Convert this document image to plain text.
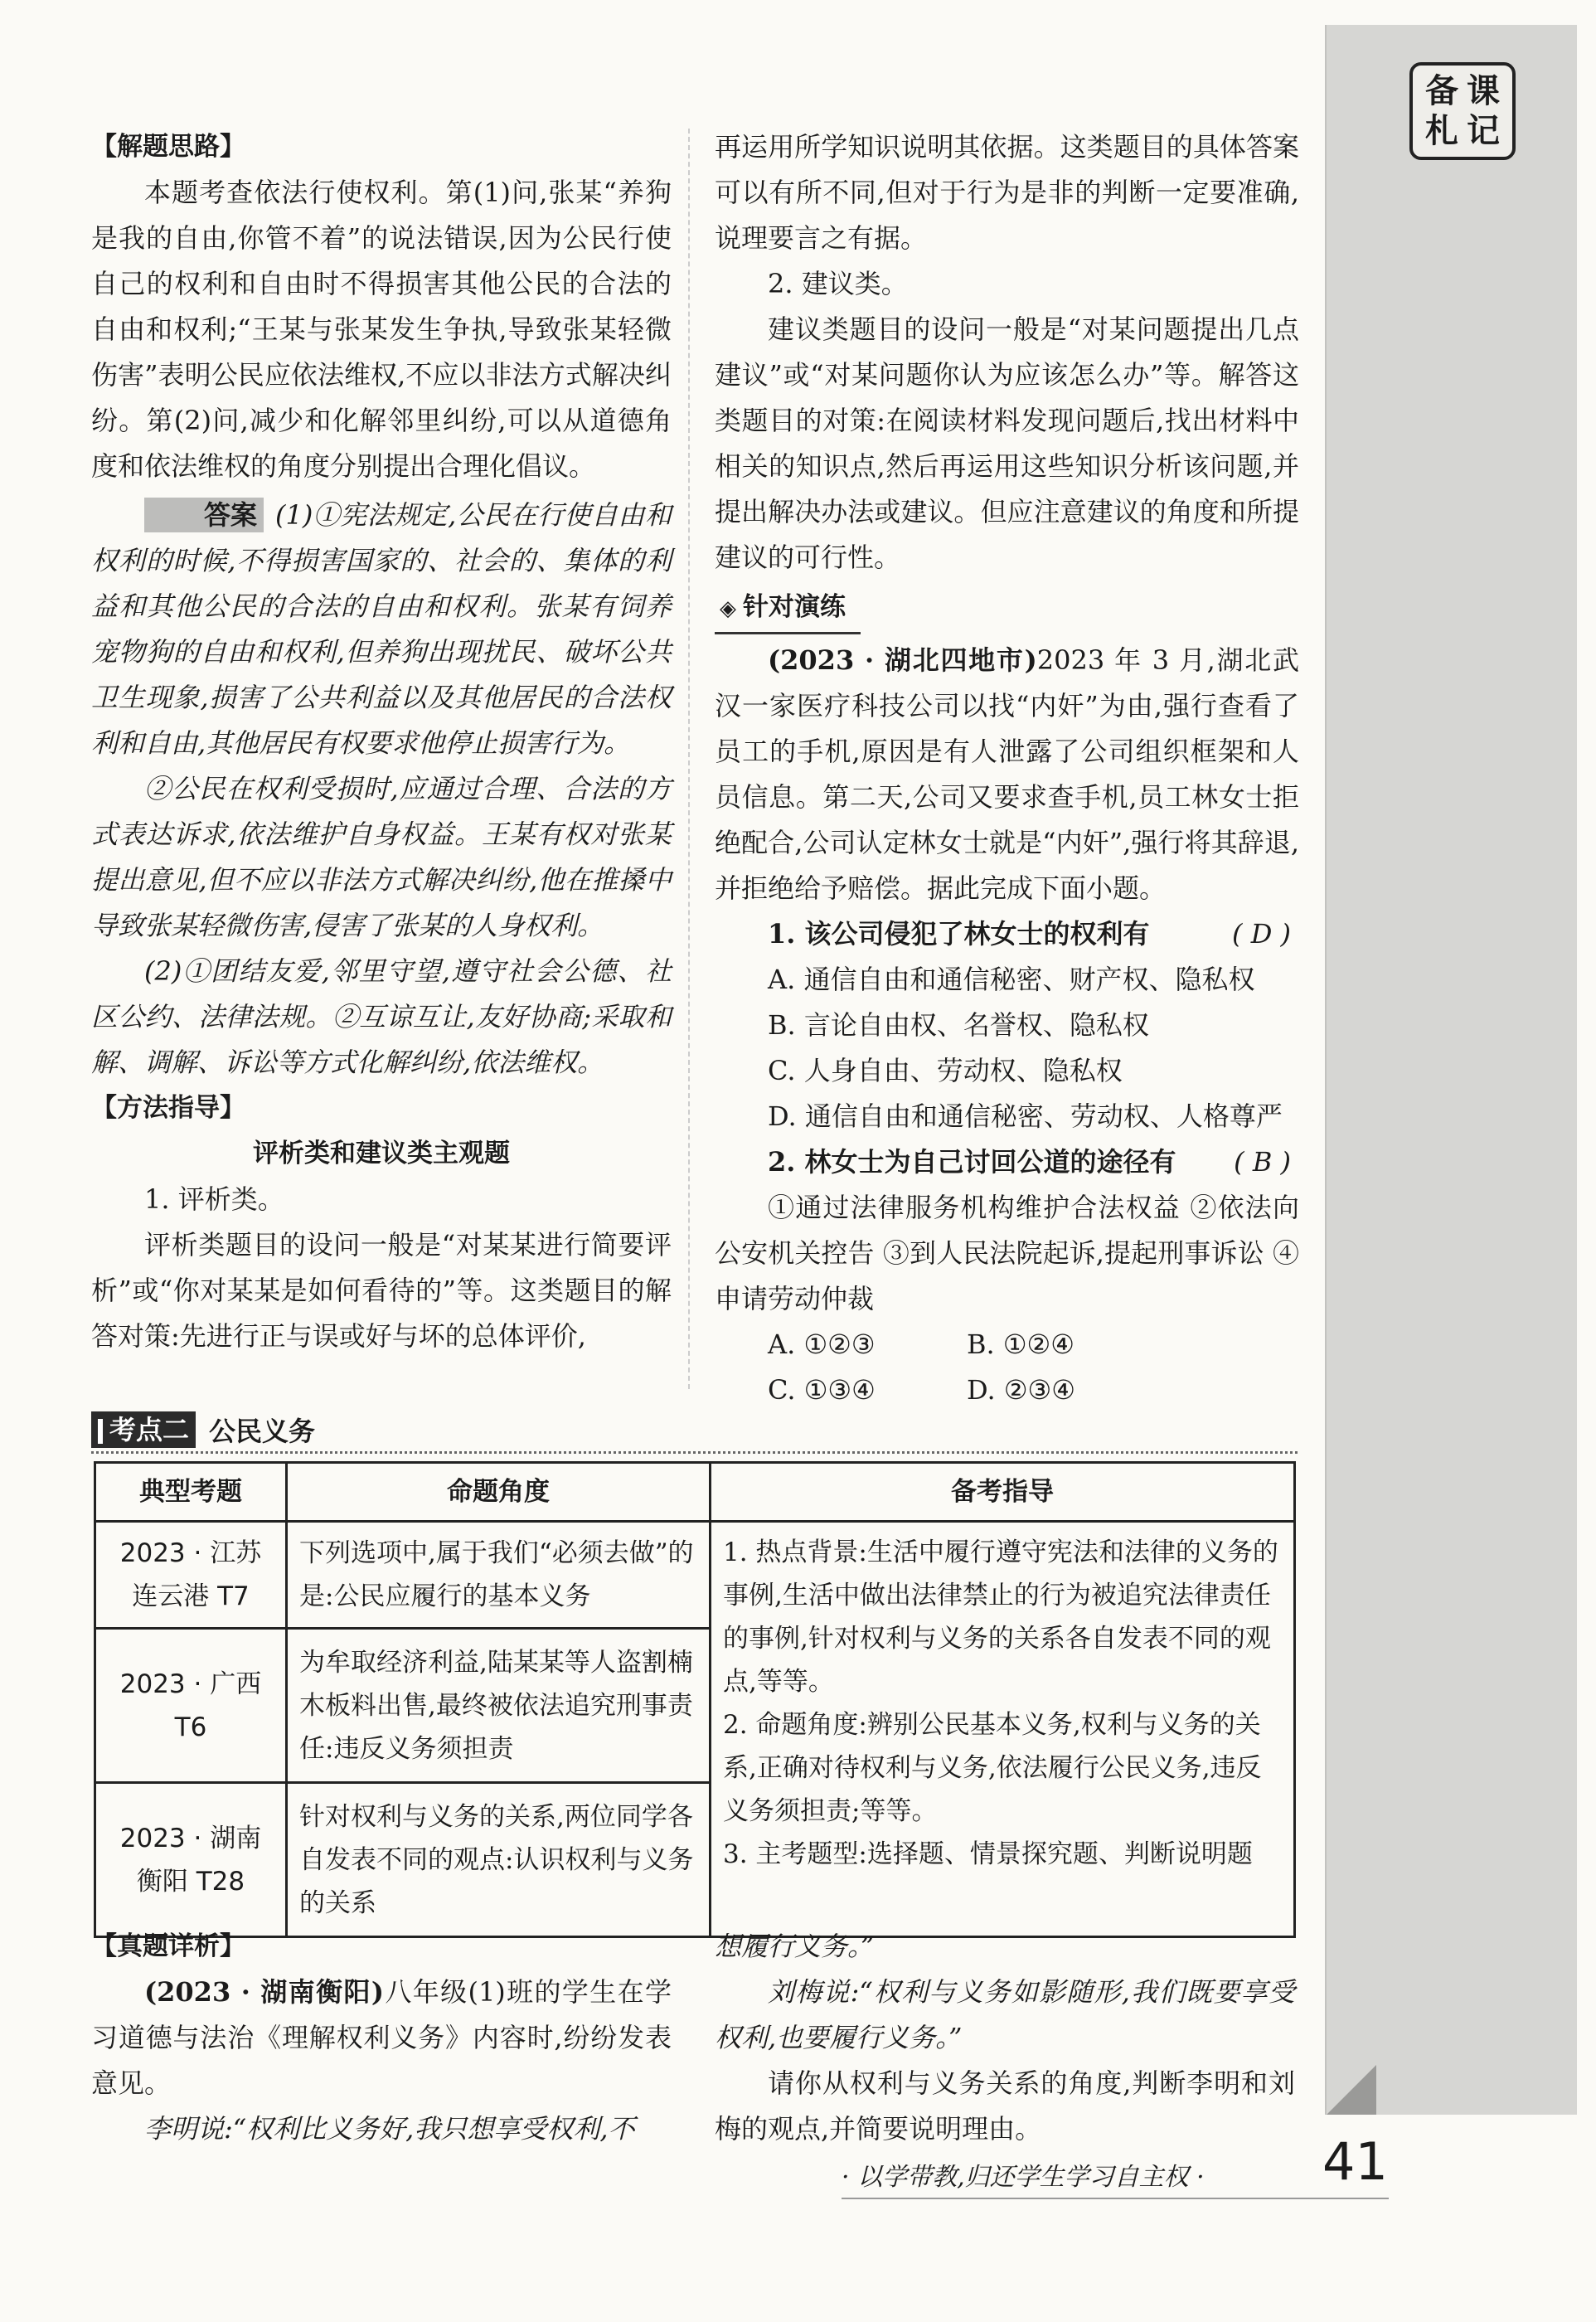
备 课
札 记

【解题思路】

本题考查依法行使权利。第(1)问,张某“养狗是我的自由,你管不着”的说法错误,因为公民行使自己的权利和自由时不得损害其他公民的合法的自由和权利;“王某与张某发生争执,导致张某轻微伤害”表明公民应依法维权,不应以非法方式解决纠纷。第(2)问,减少和化解邻里纠纷,可以从道德角度和依法维权的角度分别提出合理化倡议。

答案 (1)①宪法规定,公民在行使自由和权利的时候,不得损害国家的、社会的、集体的利益和其他公民的合法的自由和权利。张某有饲养宠物狗的自由和权利,但养狗出现扰民、破坏公共卫生现象,损害了公共利益以及其他居民的合法权利和自由,其他居民有权要求他停止损害行为。

②公民在权利受损时,应通过合理、合法的方式表达诉求,依法维护自身权益。王某有权对张某提出意见,但不应以非法方式解决纠纷,他在推搡中导致张某轻微伤害,侵害了张某的人身权利。

(2)①团结友爱,邻里守望,遵守社会公德、社区公约、法律法规。②互谅互让,友好协商;采取和解、调解、诉讼等方式化解纠纷,依法维权。

【方法指导】

评析类和建议类主观题

1. 评析类。

评析类题目的设问一般是“对某某进行简要评析”或“你对某某是如何看待的”等。这类题目的解答对策:先进行正与误或好与坏的总体评价,

再运用所学知识说明其依据。这类题目的具体答案可以有所不同,但对于行为是非的判断一定要准确,说理要言之有据。

2. 建议类。

建议类题目的设问一般是“对某问题提出几点建议”或“对某问题你认为应该怎么办”等。解答这类题目的对策:在阅读材料发现问题后,找出材料中相关的知识点,然后再运用这些知识分析该问题,并提出解决办法或建议。但应注意建议的角度和所提建议的可行性。

◈ 针对演练

(2023 · 湖北四地市)2023 年 3 月,湖北武汉一家医疗科技公司以找“内奸”为由,强行查看了员工的手机,原因是有人泄露了公司组织框架和人员信息。第二天,公司又要求查手机,员工林女士拒绝配合,公司认定林女士就是“内奸”,强行将其辞退,并拒绝给予赔偿。据此完成下面小题。

1. 该公司侵犯了林女士的权利有	( D )

A. 通信自由和通信秘密、财产权、隐私权

B. 言论自由权、名誉权、隐私权

C. 人身自由、劳动权、隐私权

D. 通信自由和通信秘密、劳动权、人格尊严

2. 林女士为自己讨回公道的途径有	( B )

①通过法律服务机构维护合法权益 ②依法向公安机关控告 ③到人民法院起诉,提起刑事诉讼 ④申请劳动仲裁

A. ①②③	B. ①②④

C. ①③④	D. ②③④

考点二 公民义务
典型考题	命题角度	备考指导
2023 · 江苏连云港 T7	下列选项中,属于我们“必须去做”的是:公民应履行的基本义务	1. 热点背景:生活中履行遵守宪法和法律的义务的事例,生活中做出法律禁止的行为被追究法律责任的事例,针对权利与义务的关系各自发表不同的观点,等等。
2. 命题角度:辨别公民基本义务,权利与义务的关系,正确对待权利与义务,依法履行公民义务,违反义务须担责;等等。
3. 主考题型:选择题、情景探究题、判断说明题

2023 · 广西 T6	为牟取经济利益,陆某某等人盗割楠木板料出售,最终被依法追究刑事责任:违反义务须担责	
2023 · 湖南衡阳 T28	针对权利与义务的关系,两位同学各自发表不同的观点:认识权利与义务的关系	

【真题详析】

(2023 · 湖南衡阳)八年级(1)班的学生在学习道德与法治《理解权利义务》内容时,纷纷发表意见。

李明说:“权利比义务好,我只想享受权利,不

想履行义务。”

刘梅说:“权利与义务如影随形,我们既要享受权利,也要履行义务。”

请你从权利与义务关系的角度,判断李明和刘梅的观点,并简要说明理由。

· 以学带教,归还学生学习自主权 · 41
